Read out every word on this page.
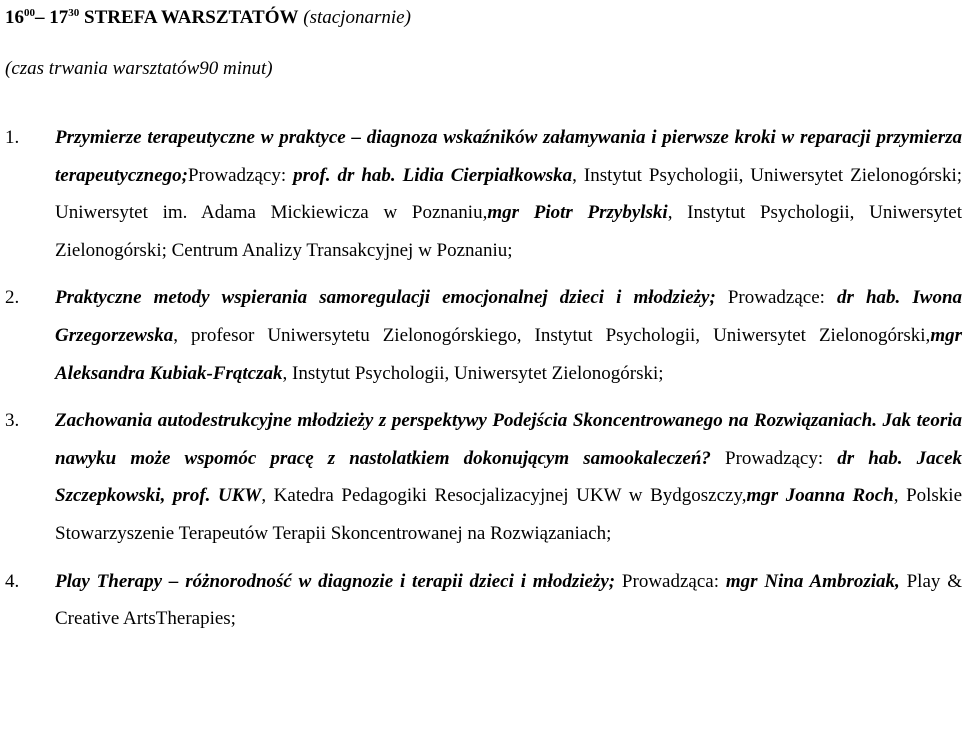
$16^{00}-$ $17^{30}$ STREFA WARSZTATÓW (stacjonarnie)
(czas trwania warsztatów90 minut)
1. Przymierze terapeutyczne w praktyce – diagnoza wskaźników załamywania i pierwsze kroki w reparacji przymierza terapeutycznego;Prowadzący: prof. dr hab. Lidia Cierpiałkowska, Instytut Psychologii, Uniwersytet Zielonogórski; Uniwersytet im. Adama Mickiewicza w Poznaniu,mgr Piotr Przybylski, Instytut Psychologii, Uniwersytet Zielonogórski; Centrum Analizy Transakcyjnej w Poznaniu;
2. Praktyczne metody wspierania samoregulacji emocjonalnej dzieci i młodzieży; Prowadzące: dr hab. Iwona Grzegorzewska, profesor Uniwersytetu Zielonogórskiego, Instytut Psychologii, Uniwersytet Zielonogórski,mgr Aleksandra Kubiak-Frątczak, Instytut Psychologii, Uniwersytet Zielonogórski;
3. Zachowania autodestrukcyjne młodzieży z perspektywy Podejścia Skoncentrowanego na Rozwiązaniach. Jak teoria nawyku może wspomóc pracę z nastolatkiem dokonującym samookaleczeń? Prowadzący: dr hab. Jacek Szczepkowski, prof. UKW, Katedra Pedagogiki Resocjalizacyjnej UKW w Bydgoszczy,mgr Joanna Roch, Polskie Stowarzyszenie Terapeutów Terapii Skoncentrowanej na Rozwiązaniach;
4. Play Therapy – różnorodność w diagnozie i terapii dzieci i młodzieży; Prowadząca: mgr Nina Ambroziak, Play & Creative ArtsTherapies;
